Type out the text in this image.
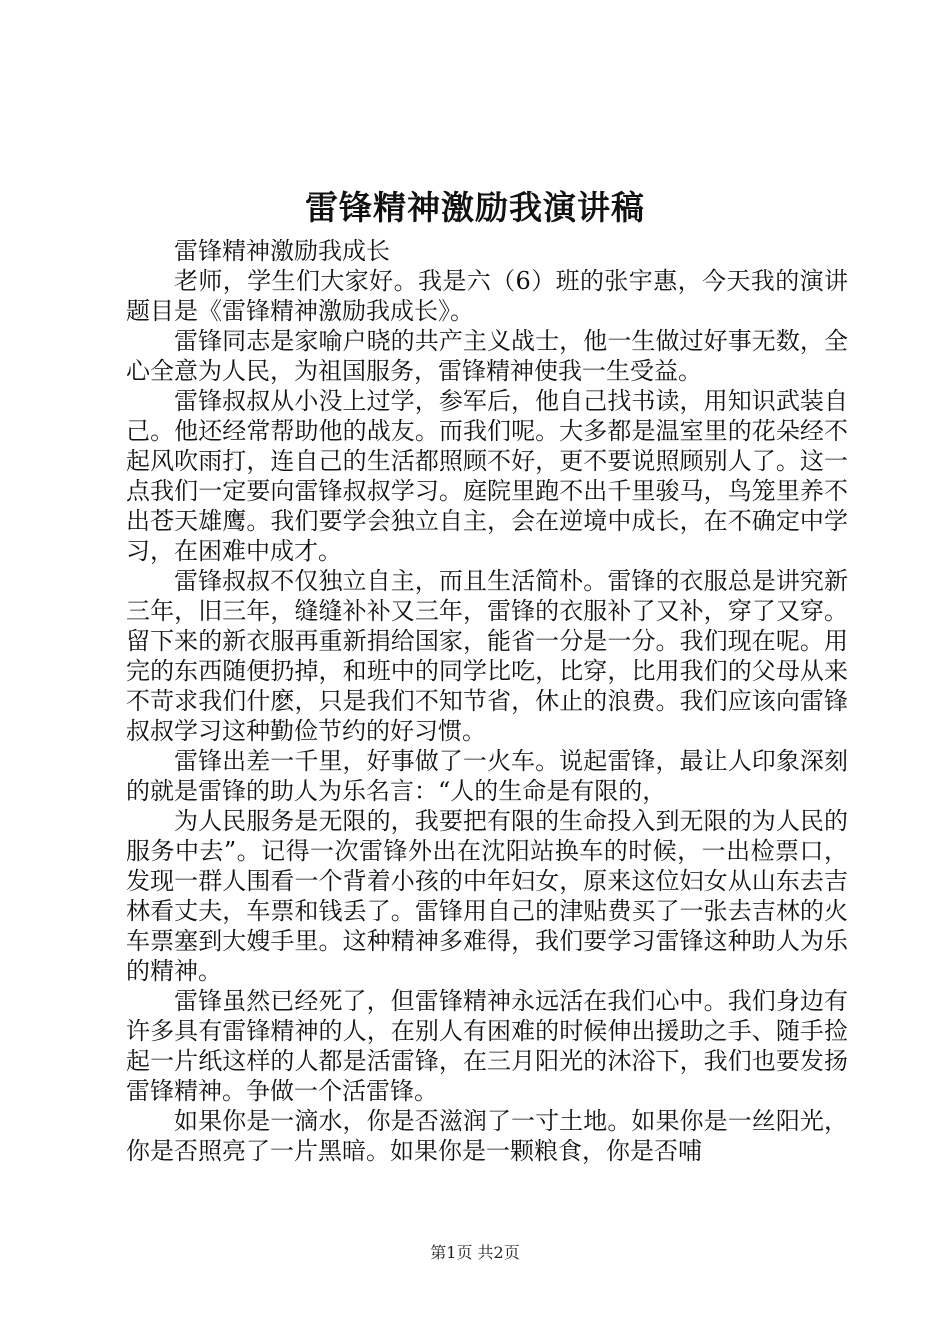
雷锋精神激励我演讲稿

雷锋精神激励我成长

老师，学生们大家好。我是六（6）班的张宇惠，今天我的演讲题目是《雷锋精神激励我成长》。

雷锋同志是家喻户晓的共产主义战士，他一生做过好事无数，全心全意为人民，为祖国服务，雷锋精神使我一生受益。

雷锋叔叔从小没上过学，参军后，他自己找书读，用知识武装自己。他还经常帮助他的战友。而我们呢。大多都是温室里的花朵经不起风吹雨打，连自己的生活都照顾不好，更不要说照顾别人了。这一点我们一定要向雷锋叔叔学习。庭院里跑不出千里骏马，鸟笼里养不出苍天雄鹰。我们要学会独立自主，会在逆境中成长，在不确定中学习，在困难中成才。

雷锋叔叔不仅独立自主，而且生活简朴。雷锋的衣服总是讲究新三年，旧三年，缝缝补补又三年，雷锋的衣服补了又补，穿了又穿。留下来的新衣服再重新捐给国家，能省一分是一分。我们现在呢。用完的东西随便扔掉，和班中的同学比吃，比穿，比用我们的父母从来不苛求我们什麽，只是我们不知节省，休止的浪费。我们应该向雷锋叔叔学习这种勤俭节约的好习惯。

雷锋出差一千里，好事做了一火车。说起雷锋，最让人印象深刻的就是雷锋的助人为乐名言：“人的生命是有限的，

为人民服务是无限的，我要把有限的生命投入到无限的为人民的服务中去”。记得一次雷锋外出在沈阳站换车的时候，一出检票口，发现一群人围看一个背着小孩的中年妇女，原来这位妇女从山东去吉林看丈夫，车票和钱丢了。雷锋用自己的津贴费买了一张去吉林的火车票塞到大嫂手里。这种精神多难得，我们要学习雷锋这种助人为乐的精神。

雷锋虽然已经死了，但雷锋精神永远活在我们心中。我们身边有许多具有雷锋精神的人，在别人有困难的时候伸出援助之手、随手捡起一片纸这样的人都是活雷锋，在三月阳光的沐浴下，我们也要发扬雷锋精神。争做一个活雷锋。

如果你是一滴水，你是否滋润了一寸土地。如果你是一丝阳光，你是否照亮了一片黑暗。如果你是一颗粮食，你是否哺

第1页 共2页
